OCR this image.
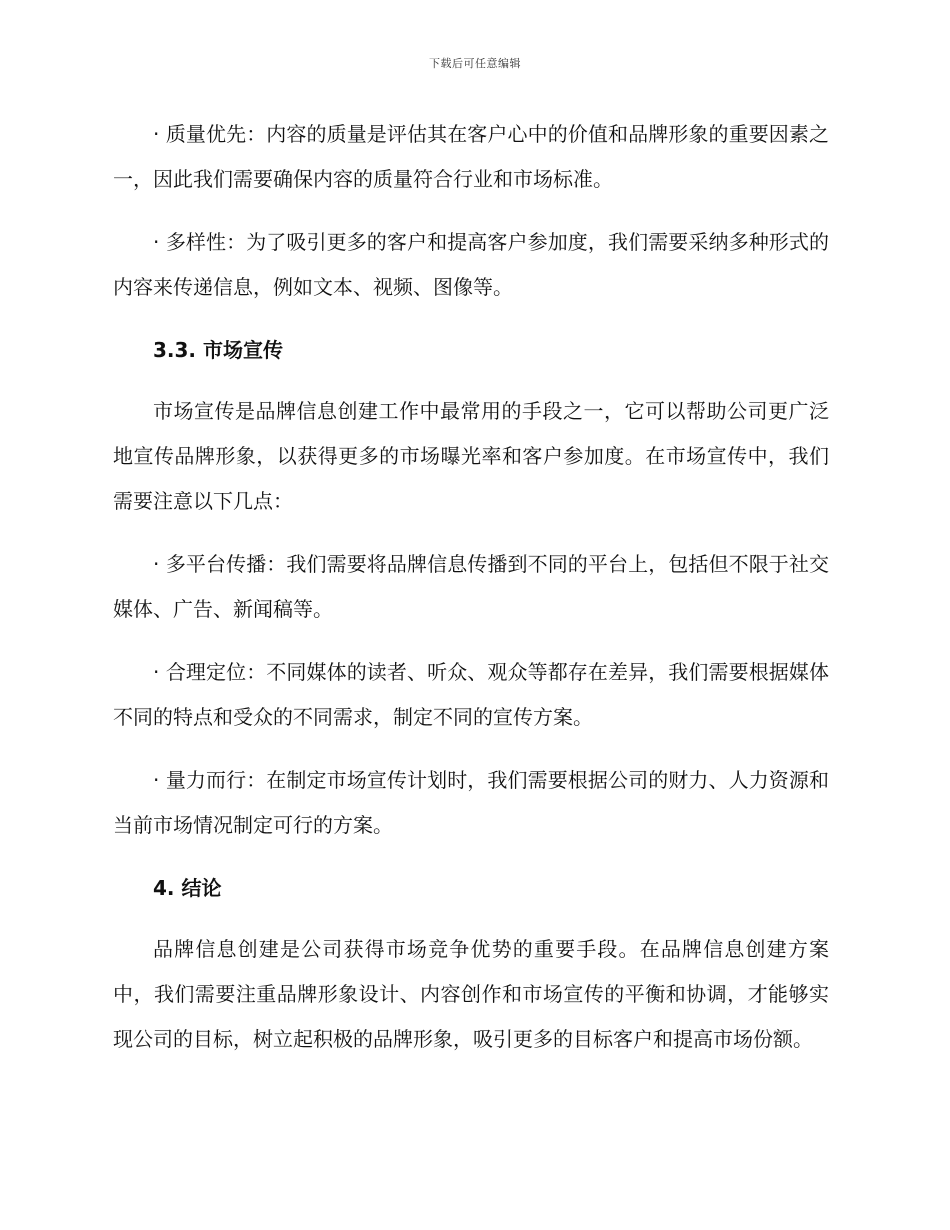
下载后可任意编辑

· 质量优先：内容的质量是评估其在客户心中的价值和品牌形象的重要因素之一，因此我们需要确保内容的质量符合行业和市场标准。

· 多样性：为了吸引更多的客户和提高客户参加度，我们需要采纳多种形式的内容来传递信息，例如文本、视频、图像等。

3.3. 市场宣传

市场宣传是品牌信息创建工作中最常用的手段之一，它可以帮助公司更广泛地宣传品牌形象，以获得更多的市场曝光率和客户参加度。在市场宣传中，我们需要注意以下几点：

· 多平台传播：我们需要将品牌信息传播到不同的平台上，包括但不限于社交媒体、广告、新闻稿等。

· 合理定位：不同媒体的读者、听众、观众等都存在差异，我们需要根据媒体不同的特点和受众的不同需求，制定不同的宣传方案。

· 量力而行：在制定市场宣传计划时，我们需要根据公司的财力、人力资源和当前市场情况制定可行的方案。

4. 结论

品牌信息创建是公司获得市场竞争优势的重要手段。在品牌信息创建方案中，我们需要注重品牌形象设计、内容创作和市场宣传的平衡和协调，才能够实现公司的目标，树立起积极的品牌形象，吸引更多的目标客户和提高市场份额。
